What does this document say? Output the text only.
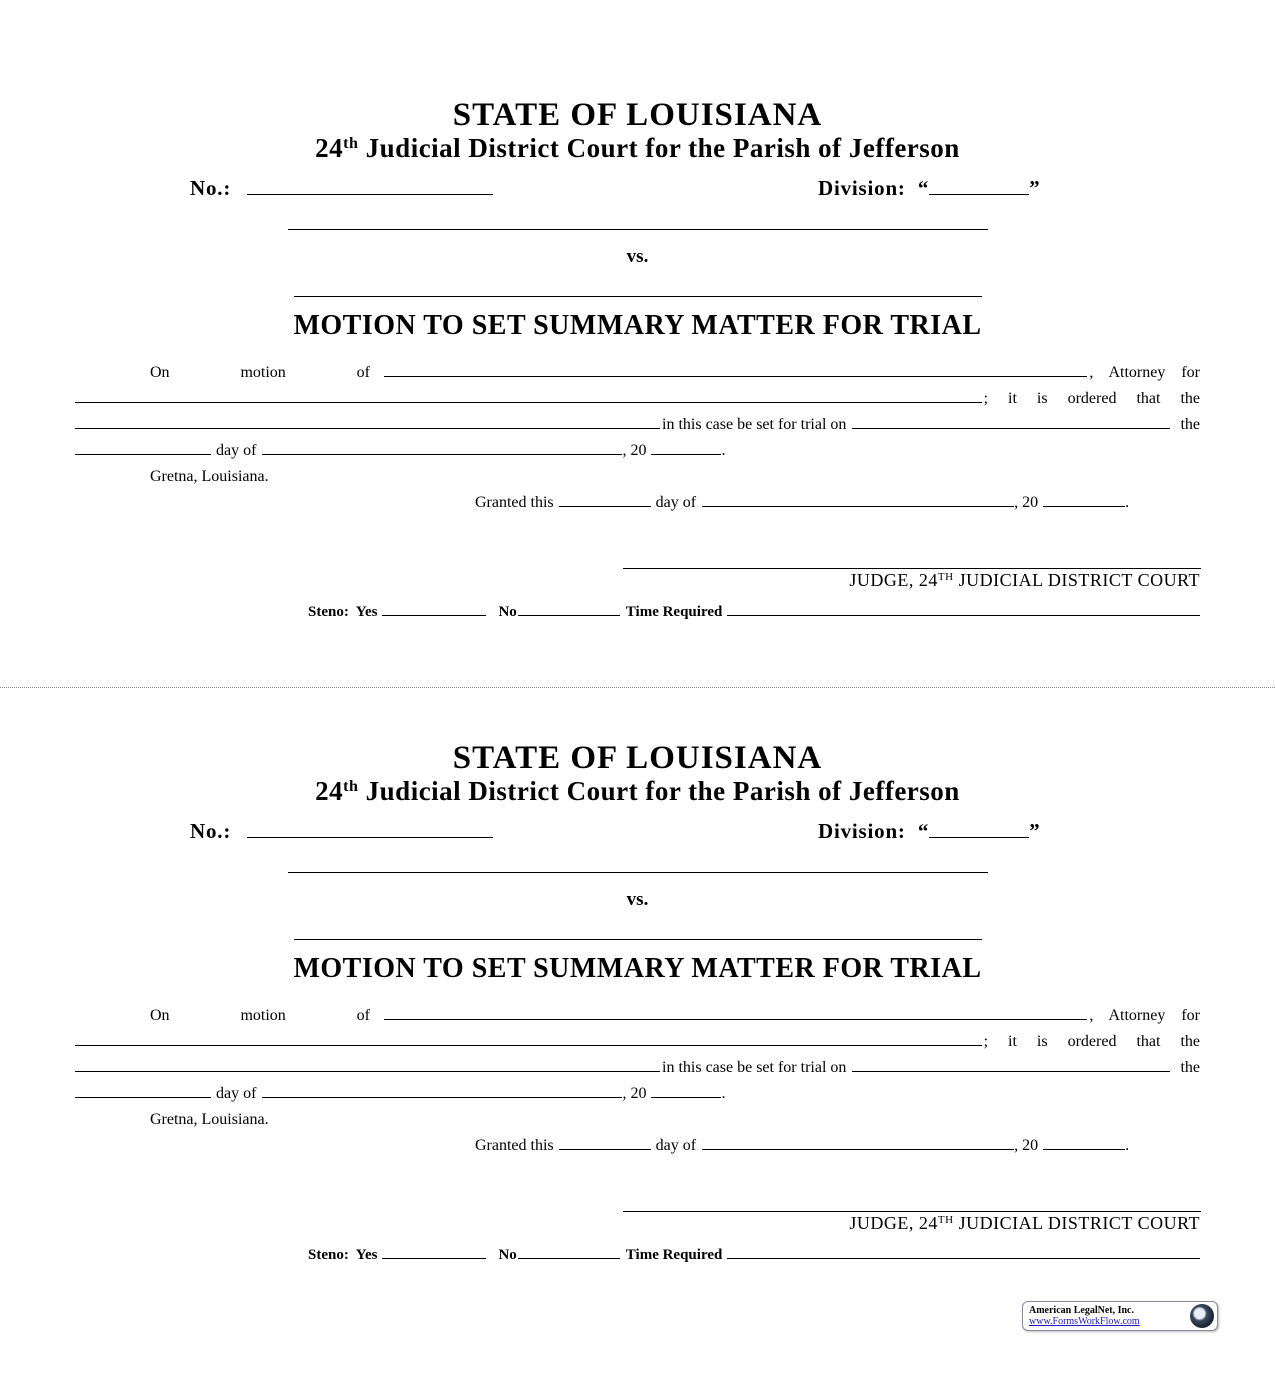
STATE OF LOUISIANA
24th Judicial District Court for the Parish of Jefferson
No.:	Division: “	”
vs.
MOTION TO SET SUMMARY MATTER FOR TRIAL
On	motion	of	, Attorney for
;  it  is  ordered  that  the
in this case be set for trial on	the
day of	, 20	.
Gretna, Louisiana.
Granted this	day of	, 20	.
JUDGE, 24TH JUDICIAL DISTRICT COURT
Steno:  Yes	No	Time Required
STATE OF LOUISIANA
24th Judicial District Court for the Parish of Jefferson
No.:	Division: “	”
vs.
MOTION TO SET SUMMARY MATTER FOR TRIAL
On	motion	of	, Attorney for
;  it  is  ordered  that  the
in this case be set for trial on	the
day of	, 20	.
Gretna, Louisiana.
Granted this	day of	, 20	.
JUDGE, 24TH JUDICIAL DISTRICT COURT
Steno:  Yes	No	Time Required
American LegalNet, Inc.
www.FormsWorkFlow.com
